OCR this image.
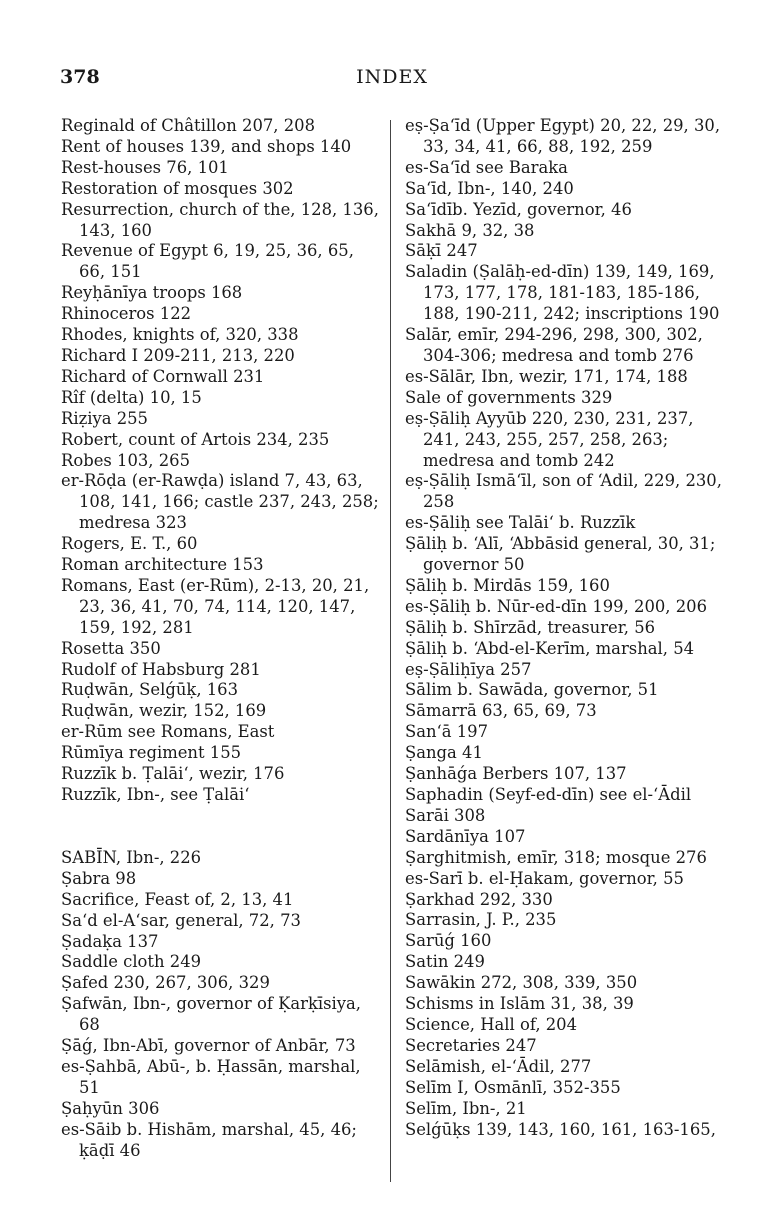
378	INDEX
Reginald of Châtillon 207, 208
Rent of houses 139, and shops 140
Rest-houses 76, 101
Restoration of mosques 302
Resurrection, church of the, 128, 136, 143, 160
Revenue of Egypt 6, 19, 25, 36, 65, 66, 151
Reyḥānīya troops 168
Rhinoceros 122
Rhodes, knights of, 320, 338
Richard I 209-211, 213, 220
Richard of Cornwall 231
Rîf (delta) 10, 15
Riẓiya 255
Robert, count of Artois 234, 235
Robes 103, 265
er-Rōḍa (er-Rawḍa) island 7, 43, 63, 108, 141, 166; castle 237, 243, 258; medresa 323
Rogers, E. T., 60
Roman architecture 153
Romans, East (er-Rūm), 2-13, 20, 21, 23, 36, 41, 70, 74, 114, 120, 147, 159, 192, 281
Rosetta 350
Rudolf of Habsburg 281
Ruḍwān, Selǵūḳ, 163
Ruḍwān, wezir, 152, 169
er-Rūm see Romans, East
Rūmīya regiment 155
Ruzzīk b. Ṭalāi‘, wezir, 176
Ruzzīk, Ibn-, see Ṭalāi‘
SABĪN, Ibn-, 226
Ṣabra 98
Sacrifice, Feast of, 2, 13, 41
Sa‘d el-A‘sar, general, 72, 73
Ṣadaḳa 137
Saddle cloth 249
Ṣafed 230, 267, 306, 329
Ṣafwān, Ibn-, governor of Ḳarḳīsiya, 68
Ṣāǵ, Ibn-Abī, governor of Anbār, 73
es-Ṣahbā, Abū-, b. Ḥassān, marshal, 51
Ṣaḥyūn 306
es-Sāib b. Hishām, marshal, 45, 46; ḳāḍī 46
eṣ-Ṣa‘īd (Upper Egypt) 20, 22, 29, 30, 33, 34, 41, 66, 88, 192, 259
es-Sa‘īd see Baraka
Sa‘īd, Ibn-, 140, 240
Sa‘īdīb. Yezīd, governor, 46
Sakhā 9, 32, 38
Sāḳī 247
Saladin (Ṣalāḥ-ed-dīn) 139, 149, 169, 173, 177, 178, 181-183, 185-186, 188, 190-211, 242; inscriptions 190
Salār, emīr, 294-296, 298, 300, 302, 304-306; medresa and tomb 276
es-Sālār, Ibn, wezir, 171, 174, 188
Sale of governments 329
eṣ-Ṣāliḥ Ayyūb 220, 230, 231, 237, 241, 243, 255, 257, 258, 263; medresa and tomb 242
eṣ-Ṣāliḥ Ismā‘īl, son of ‘Adil, 229, 230, 258
es-Ṣāliḥ see Talāi‘ b. Ruzzīk
Ṣāliḥ b. ‘Alī, ‘Abbāsid general, 30, 31; governor 50
Ṣāliḥ b. Mirdās 159, 160
es-Ṣāliḥ b. Nūr-ed-dīn 199, 200, 206
Ṣāliḥ b. Shīrzād, treasurer, 56
Ṣāliḥ b. ‘Abd-el-Kerīm, marshal, 54
eṣ-Ṣāliḥīya 257
Sālim b. Sawāda, governor, 51
Sāmarrā 63, 65, 69, 73
San‘ā 197
Ṣanga 41
Ṣanhāǵa Berbers 107, 137
Saphadin (Seyf-ed-dīn) see el-‘Ādil
Sarāi 308
Sardānīya 107
Ṣarghitmish, emīr, 318; mosque 276
es-Sarī b. el-Ḥakam, governor, 55
Ṣarkhad 292, 330
Sarrasin, J. P., 235
Sarūǵ 160
Satin 249
Sawākin 272, 308, 339, 350
Schisms in Islām 31, 38, 39
Science, Hall of, 204
Secretaries 247
Selāmish, el-‘Ādil, 277
Selīm I, Osmānlī, 352-355
Selīm, Ibn-, 21
Selǵūḳs 139, 143, 160, 161, 163-165,
